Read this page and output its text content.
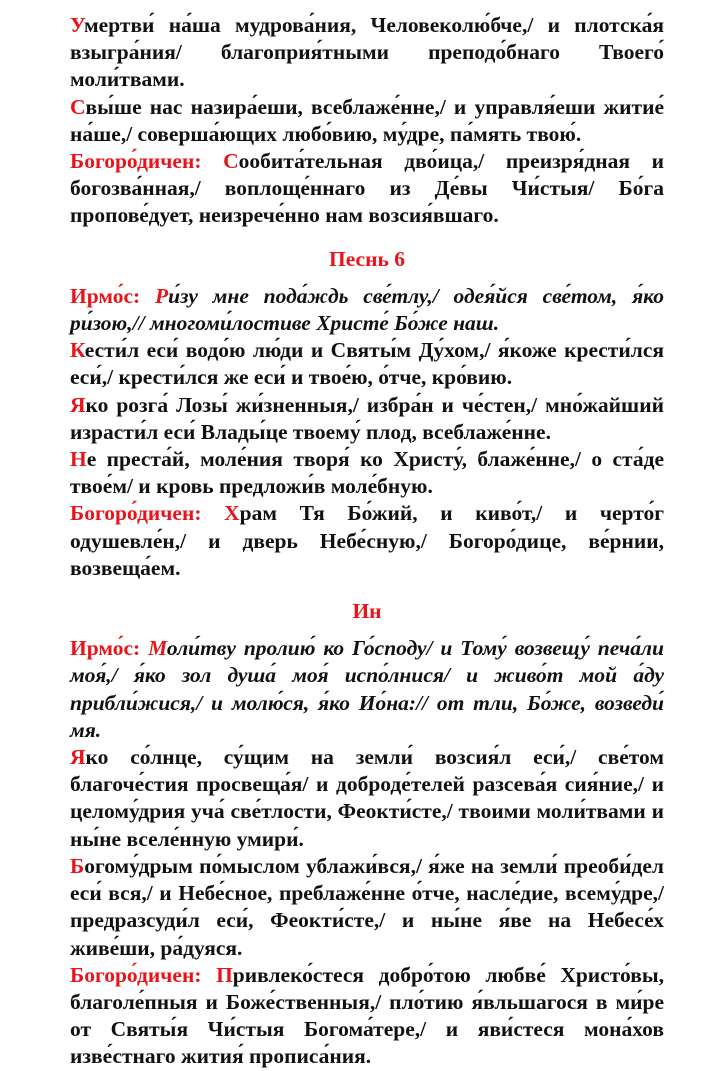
Умертви́ на́ша мудрова́ния, Человеколю́бче,/ и плотска́я взыгра́ния/ благоприя́тными преподо́бнаго Твоего́ моли́твами.

Свы́ше нас назира́еши, всеблаже́нне,/ и управля́еши житие́ на́ше,/ соверша́ющих любо́вию, му́дре, па́мять твою́.

Богоро́дичен: Сообита́тельная дво́ица,/ преизря́дная и богозва́нная,/ воплоще́ннаго из Де́вы Чи́стыя/ Бо́га пропове́дует, неизрече́нно нам возсия́вшаго.

Песнь 6

Ирмо́с: Ри́зу мне пода́ждь све́тлу,/ одея́йся све́том, я́ко ри́зою,// многоми́лостиве Христе́ Бо́же наш.

Кести́л еси́ водо́ю лю́ди и Святы́м Ду́хом,/ я́коже крести́лся еси́,/ крести́лся же еси́ и твое́ю, о́тче, кро́вию.

Яко розга́ Лозы́ жи́зненныя,/ избра́н и че́стен,/ мно́жайший израсти́л еси́ Влады́це твоему́ плод, всеблаже́нне.

Не преста́й, моле́ния творя́ ко Христу́, блаже́нне,/ о ста́де твое́м/ и кровь предложи́в моле́бную.

Богоро́дичен: Храм Тя Бо́жий, и киво́т,/ и черто́г одушевле́н,/ и дверь Небе́сную,/ Богоро́дице, ве́рнии, возвеща́ем.

Ин

Ирмо́с: Моли́тву пролию́ ко Го́споду/ и Тому́ возвещу́ печа́ли моя́,/ я́ко зол душа́ моя́ испо́лнися/ и живо́т мой а́ду прибли́жися,/ и молю́ся, я́ко Ио́на:// от тли, Бо́же, возведи́ мя.

Яко со́лнце, су́щим на земли́ возсия́л еси́,/ све́том благоче́стия просвеща́я/ и доброде́телей разсева́я сия́ние,/ и целому́дрия уча́ све́тлости, Феокти́сте,/ твоими моли́твами и ны́не вселе́нную умири́.

Богому́дрым по́мыслом ублажи́вся,/ я́же на земли́ преоби́дел еси́ вся,/ и Небе́сное, преблаже́нне о́тче, насле́дие, всему́дре,/ предразсуди́л еси́, Феокти́сте,/ и ны́не я́ве на Небесе́х живе́ши, ра́дуяся.

Богоро́дичен: Привлеко́стеся добро́тою любве́ Христо́вы, благоле́пныя и Боже́ственныя,/ пло́тию я́вльшагося в ми́ре от Святы́я Чи́стыя Богома́тере,/ и яви́стеся мона́хов изве́стнаго жития́ прописа́ния.
